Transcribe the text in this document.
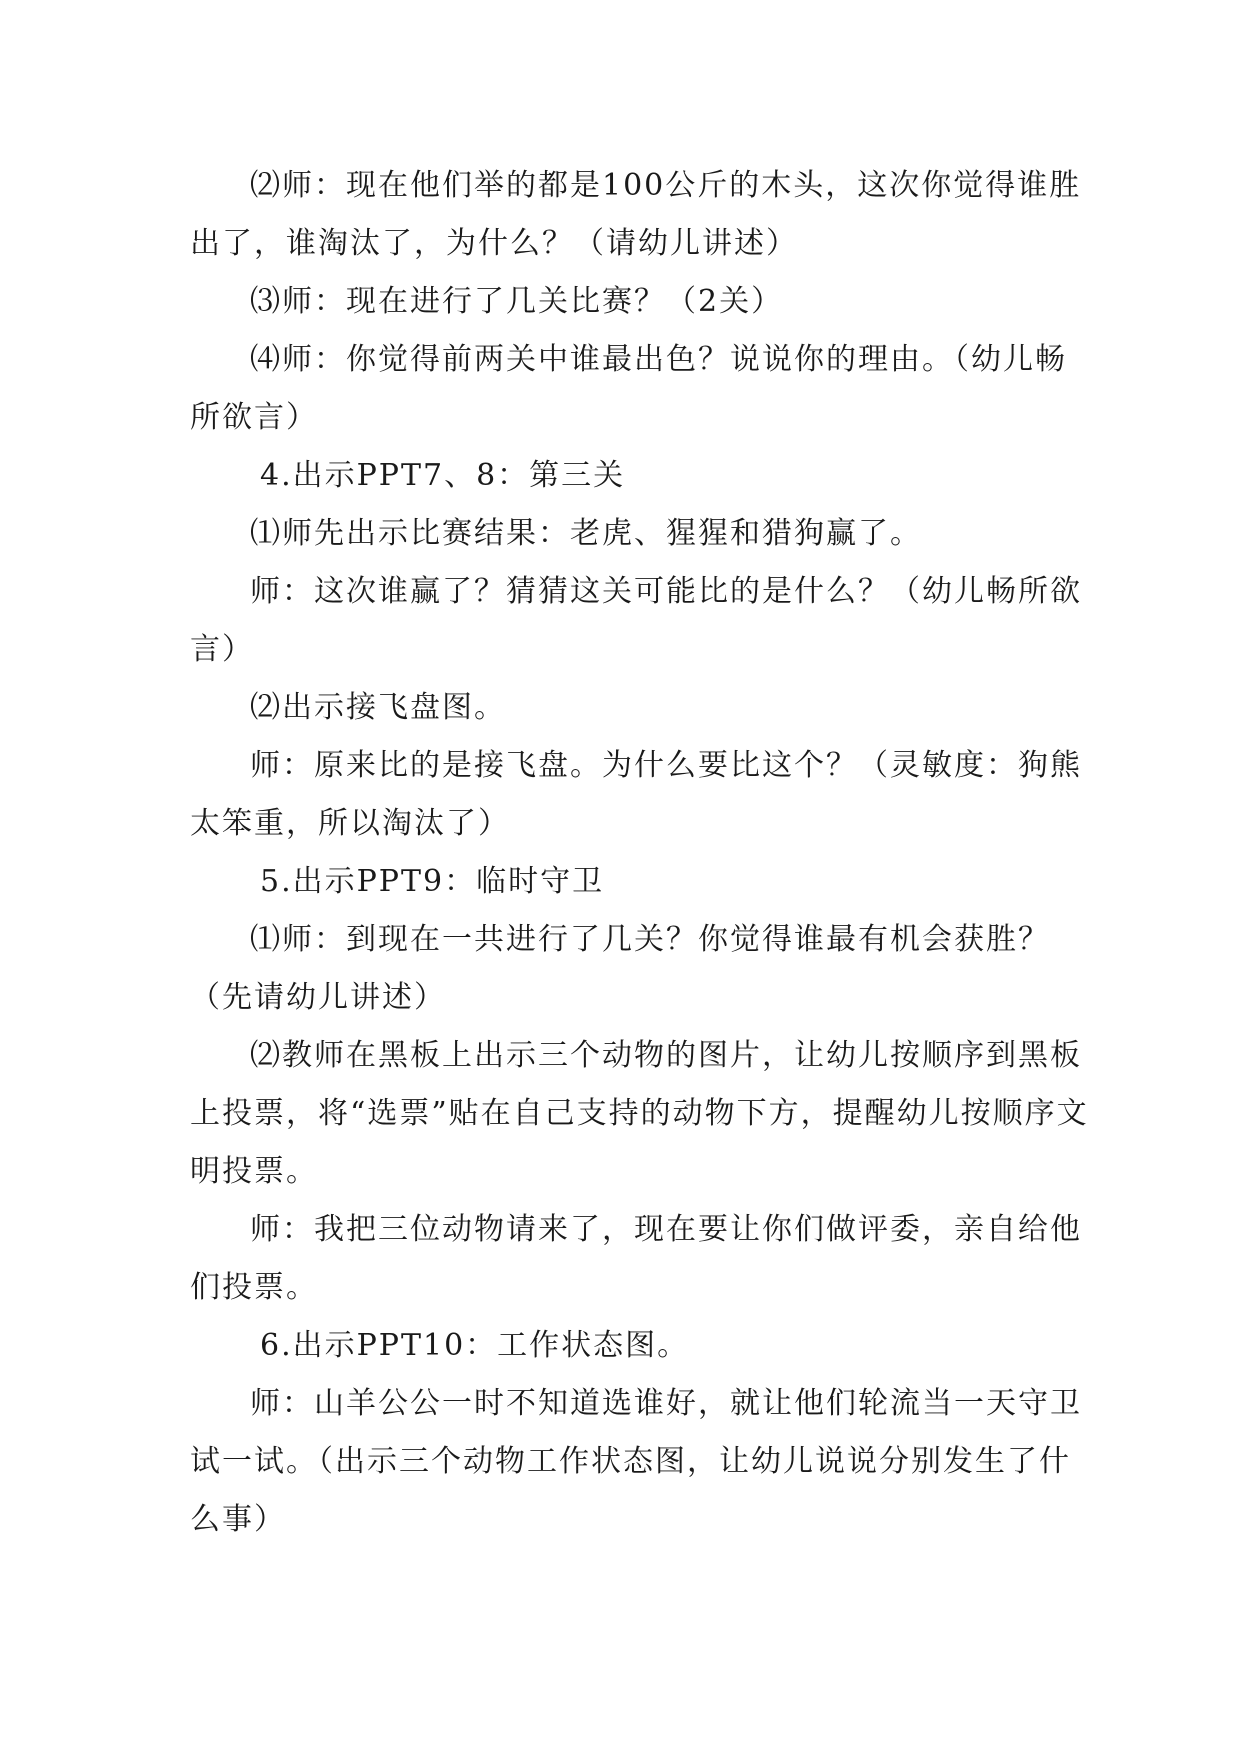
⑵师：现在他们举的都是100公斤的木头，这次你觉得谁胜出了，谁淘汰了，为什么？（请幼儿讲述）

⑶师：现在进行了几关比赛？（2关）

⑷师：你觉得前两关中谁最出色？说说你的理由。（幼儿畅所欲言）

4.出示PPT7、8：第三关

⑴师先出示比赛结果：老虎、猩猩和猎狗赢了。

师：这次谁赢了？猜猜这关可能比的是什么？（幼儿畅所欲言）

⑵出示接飞盘图。

师：原来比的是接飞盘。为什么要比这个？（灵敏度：狗熊太笨重，所以淘汰了）

5.出示PPT9：临时守卫

⑴师：到现在一共进行了几关？你觉得谁最有机会获胜？（先请幼儿讲述）

⑵教师在黑板上出示三个动物的图片，让幼儿按顺序到黑板上投票，将“选票”贴在自己支持的动物下方，提醒幼儿按顺序文明投票。

师：我把三位动物请来了，现在要让你们做评委，亲自给他们投票。

6.出示PPT10：工作状态图。

师：山羊公公一时不知道选谁好，就让他们轮流当一天守卫试一试。（出示三个动物工作状态图，让幼儿说说分别发生了什么事）
